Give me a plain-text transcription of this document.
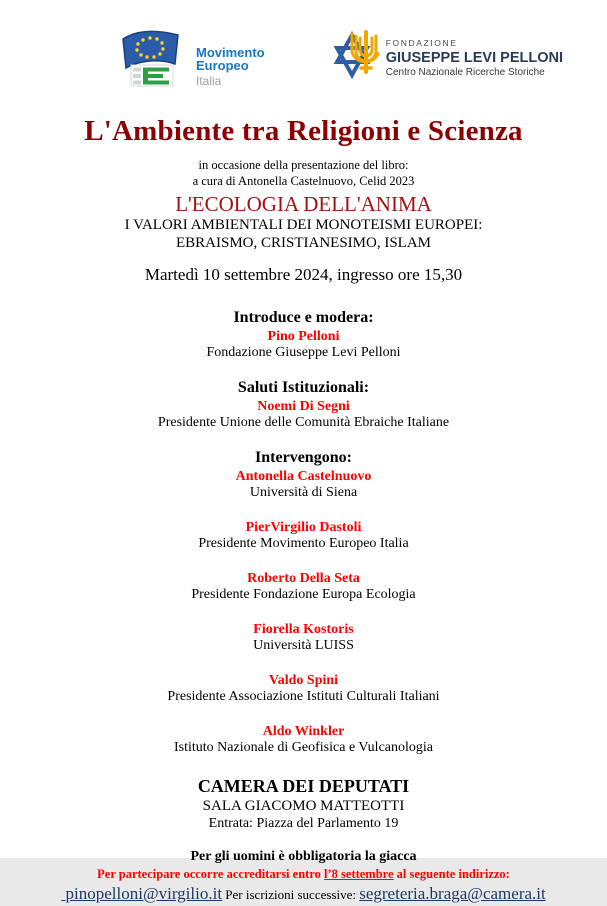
Movimento
Europeo
Italia
FONDAZIONE
GIUSEPPE LEVI PELLONI
Centro Nazionale Ricerche Storiche
L'Ambiente tra Religioni e Scienza
in occasione della presentazione del libro:
a cura di Antonella Castelnuovo, Celid 2023
L'ECOLOGIA DELL'ANIMA
I VALORI AMBIENTALI DEI MONOTEISMI EUROPEI:
EBRAISMO, CRISTIANESIMO, ISLAM
Martedì 10 settembre 2024, ingresso ore 15,30
Introduce e modera:
Pino Pelloni
Fondazione Giuseppe Levi Pelloni
Saluti Istituzionali:
Noemi Di Segni
Presidente Unione delle Comunità Ebraiche Italiane
Intervengono:
Antonella Castelnuovo
Università di Siena
PierVirgilio Dastoli
Presidente Movimento Europeo Italia
Roberto Della Seta
Presidente Fondazione Europa Ecologia
Fiorella Kostoris
Università LUISS
Valdo Spini
Presidente Associazione Istituti Culturali Italiani
Aldo Winkler
Istituto Nazionale di Geofisica e Vulcanologia
CAMERA DEI DEPUTATI
SALA GIACOMO MATTEOTTI
Entrata: Piazza del Parlamento 19
Per gli uomini è obbligatoria la giacca
Per partecipare occorre accreditarsi entro l’8 settembre al seguente indirizzo:
pinopelloni@virgilio.it Per iscrizioni successive: segreteria.braga@camera.it
